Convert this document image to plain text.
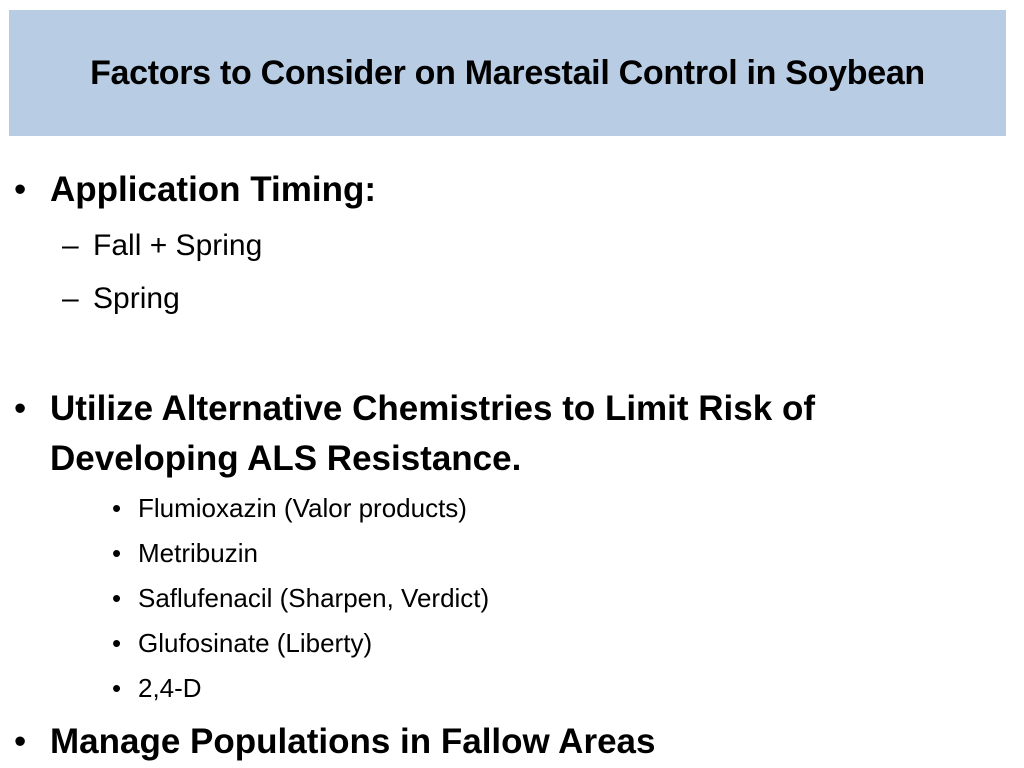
Factors to Consider on Marestail Control in Soybean
• Application Timing:
– Fall + Spring
– Spring
• Utilize Alternative Chemistries to Limit Risk of
Developing ALS Resistance.
• Flumioxazin (Valor products)
• Metribuzin
• Saflufenacil (Sharpen, Verdict)
• Glufosinate (Liberty)
• 2,4-D
• Manage Populations in Fallow Areas
